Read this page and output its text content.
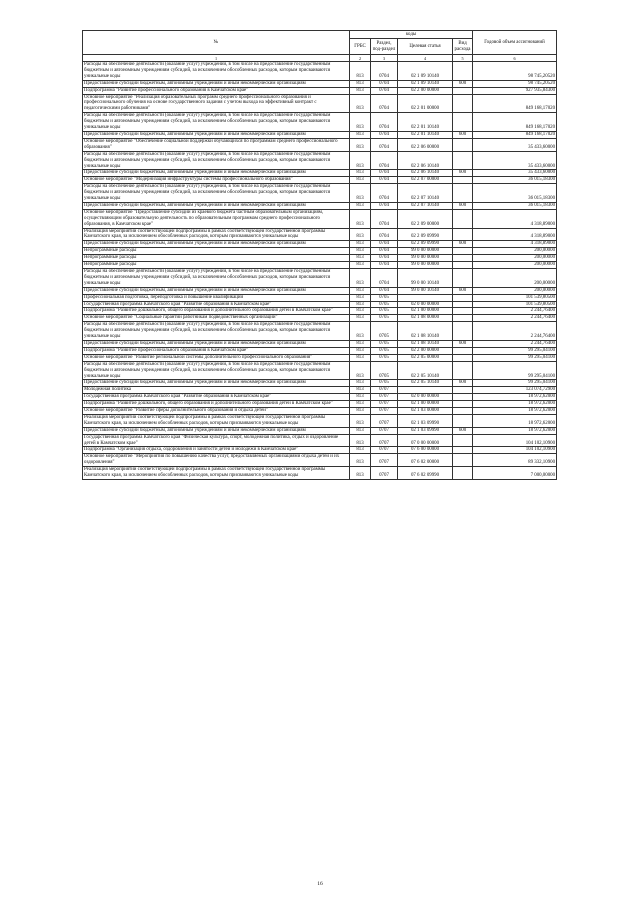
№	коды				Годовой объем ассигнований
	ГРБС	Раздел, под-раздел	Целевая статья	Вид расхода	
1	2	3	4	5	6
Расходы на обеспечение деятельности (оказание услуг) учреждений, в том числе на предоставление государственным бюджетным и автономным учреждениям субсидий, за исключением обособленных расходов, которым присваиваются уникальные коды	813	0704	02 1 09 10140		98 745,20520
Предоставление субсидий бюджетным, автономным учреждениям и иным некоммерческим организациям	813	0704	02 1 09 10140	600	98 745,20520
Подпрограмма "Развитие профессионального образования в Камчатском крае"	813	0704	02 2 00 00000		927 935,84300
Основное мероприятие "Реализация образовательных программ среднего профессионального образования и профессионального обучения на основе государственного задания с учетом выхода на эффективный контракт с педагогическими работниками"	813	0704	02 2 01 00000		849 168,17020
Расходы на обеспечение деятельности (оказание услуг) учреждений, в том числе на предоставление государственным бюджетным и автономным учреждениям субсидий, за исключением обособленных расходов, которым присваиваются уникальные коды	813	0704	02 2 01 10140		849 168,17020
Предоставление субсидий бюджетным, автономным учреждениям и иным некоммерческим организациям	813	0704	02 2 01 10140	600	849 168,17020
Основное мероприятие "Обеспечение социальной поддержки обучающихся по программам среднего профессионального образования"	813	0704	02 2 06 00000		35 433,60000
Расходы на обеспечение деятельности (оказание услуг) учреждений, в том числе на предоставление государственным бюджетным и автономным учреждениям субсидий, за исключением обособленных расходов, которым присваиваются уникальные коды	813	0704	02 2 06 10140		35 433,60000
Предоставление субсидий бюджетным, автономным учреждениям и иным некоммерческим организациям	813	0704	02 2 06 10140	600	35 433,60000
Основное мероприятие "Модернизация инфраструктуры системы профессионального образования"	813	0704	02 2 07 00000		36 015,18300
Расходы на обеспечение деятельности (оказание услуг) учреждений, в том числе на предоставление государственным бюджетным и автономным учреждениям субсидий, за исключением обособленных расходов, которым присваиваются уникальные коды	813	0704	02 2 07 10140		36 015,18300
Предоставление субсидий бюджетным, автономным учреждениям и иным некоммерческим организациям	813	0704	02 2 07 10140	600	36 015,18300
Основное мероприятие "Предоставление субсидий из краевого бюджета частным образовательным организациям, осуществляющим образовательную деятельность по образовательным программам среднего профессионального образования, в Камчатском крае"	813	0704	02 2 09 00000		4 318,89000
Реализация мероприятий соответствующей подпрограммы в рамках соответствующей государственной программы Камчатского края, за исключением обособленных расходов, которым присваиваются уникальные коды	813	0704	02 2 09 09990		4 318,89000
Предоставление субсидий бюджетным, автономным учреждениям и иным некоммерческим организациям	813	0704	02 2 09 09990	600	4 318,89000
Непрограммные расходы	813	0704	99 0 00 00000		200,00000
Непрограммные расходы	813	0704	99 0 00 00000		200,00000
Непрограммные расходы	813	0704	99 0 00 00000		200,00000
Расходы на обеспечение деятельности (оказание услуг) учреждений, в том числе на предоставление государственным бюджетным и автономным учреждениям субсидий, за исключением обособленных расходов, которым присваиваются уникальные коды	813	0704	99 0 00 10140		200,00000
Предоставление субсидий бюджетным, автономным учреждениям и иным некоммерческим организациям	813	0704	99 0 00 10140	600	200,00000
Профессиональная подготовка, переподготовка и повышение квалификации	813	0705			101 539,80500
Государственная программа Камчатского края "Развитие образования в Камчатском крае"	813	0705	02 0 00 00000		101 539,80500
Подпрограмма "Развитие дошкольного, общего образования и дополнительного образования детей в Камчатском крае"	813	0705	02 1 00 00000		2 244,76400
Основное мероприятие "Социальные гарантии работникам подведомственных организаций"	813	0705	02 1 08 00000		2 244,76400
Расходы на обеспечение деятельности (оказание услуг) учреждений, в том числе на предоставление государственным бюджетным и автономным учреждениям субсидий, за исключением обособленных расходов, которым присваиваются уникальные коды	813	0705	02 1 08 10140		2 244,76400
Предоставление субсидий бюджетным, автономным учреждениям и иным некоммерческим организациям	813	0705	02 1 08 10140	600	2 244,76400
Подпрограмма "Развитие профессионального образования в Камчатском крае"	813	0705	02 2 00 00000		99 295,04100
Основное мероприятие "Развитие региональной системы дополнительного профессионального образования"	813	0705	02 2 05 00000		99 295,04100
Расходы на обеспечение деятельности (оказание услуг) учреждений, в том числе на предоставление государственным бюджетным и автономным учреждениям субсидий, за исключением обособленных расходов, которым присваиваются уникальные коды	813	0705	02 2 05 10140		99 295,04100
Предоставление субсидий бюджетным, автономным учреждениям и иным некоммерческим организациям	813	0705	02 2 05 10140	600	99 295,04100
Молодежная политика	813	0707			123 074,72900
Государственная программа Камчатского края "Развитие образования в Камчатском крае"	813	0707	02 0 00 00000		18 972,62000
Подпрограмма "Развитие дошкольного, общего образования и дополнительного образования детей в Камчатском крае"	813	0707	02 1 00 00000		18 972,62000
Основное мероприятие "Развитие сферы дополнительного образования и отдыха детей"	813	0707	02 1 03 00000		18 972,62000
Реализация мероприятий соответствующей подпрограммы в рамках соответствующей государственной программы Камчатского края, за исключением обособленных расходов, которым присваиваются уникальные коды	813	0707	02 1 03 09990		18 972,62000
Предоставление субсидий бюджетным, автономным учреждениям и иным некоммерческим организациям	813	0707	02 1 03 09990	600	18 972,62000
Государственная программа Камчатского края "Физическая культура, спорт, молодежная политика, отдых и оздоровление детей в Камчатском крае"	813	0707	07 0 00 00000		104 102,10900
Подпрограмма "Организация отдыха, оздоровления и занятости детей и молодежи в Камчатском крае"	813	0707	07 6 00 00000		104 102,10900
Основное мероприятие "Мероприятия по повышению качества услуг, предоставляемых организациями отдыха детей и их оздоровления"	813	0707	07 6 02 00000		89 332,10900
Реализация мероприятий соответствующей подпрограммы в рамках соответствующей государственной программы Камчатского края, за исключением обособленных расходов, которым присваиваются уникальные коды	813	0707	07 6 02 09990		7 000,00000
16
